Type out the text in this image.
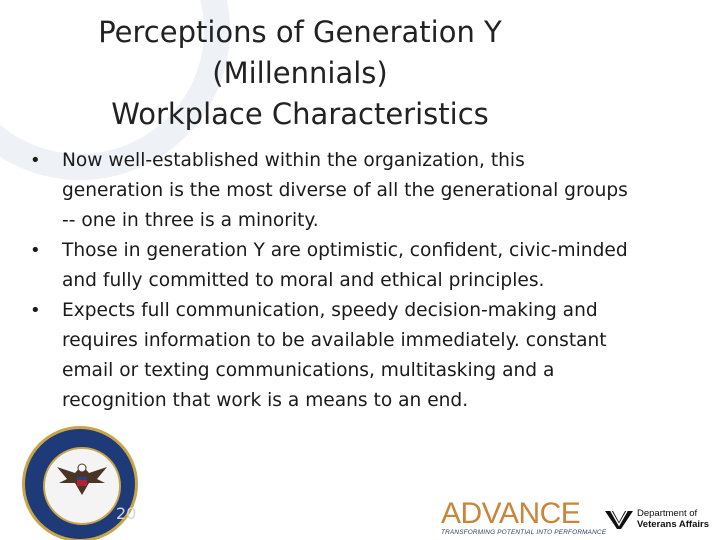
Perceptions of Generation Y
(Millennials)
Workplace Characteristics
• Now well-established within the organization, this
generation is the most diverse of all the generational groups
-- one in three is a minority.
• Those in generation Y are optimistic, confident, civic-minded
and fully committed to moral and ethical principles.
• Expects full communication, speedy decision-making and
requires information to be available immediately. constant
email or texting communications, multitasking and a
recognition that work is a means to an end.
20	ADVANCE
TRANSFORMING POTENTIAL INTO PERFORMANCE
Department of
Veterans Affairs
